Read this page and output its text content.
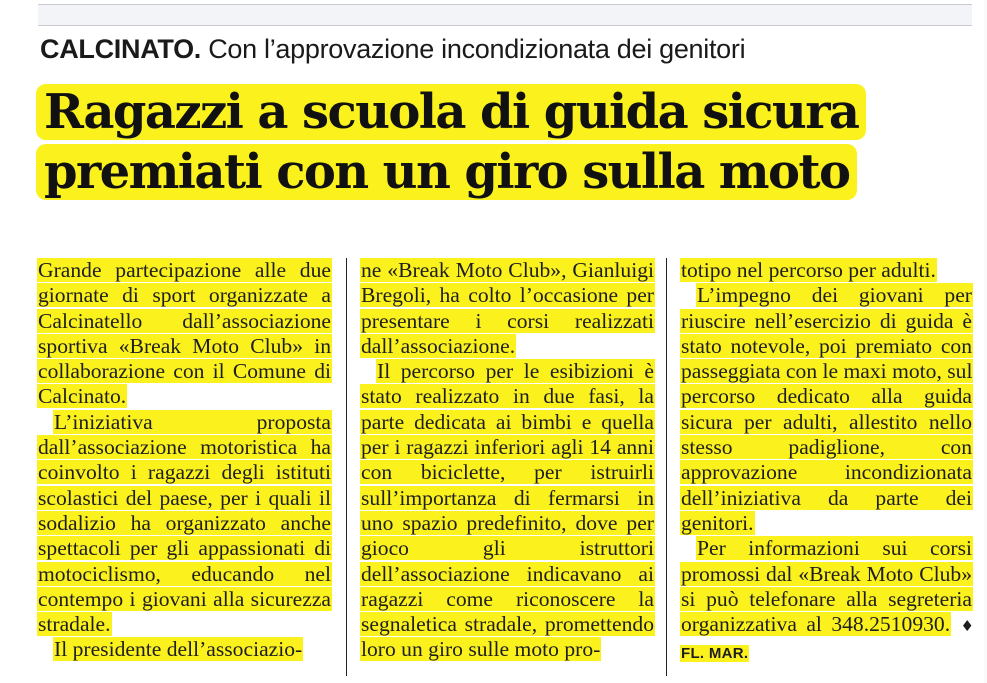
CALCINATO. Con l’approvazione incondizionata dei genitori
Ragazzi a scuola di guida sicura
premiati con un giro sulla moto

Grande partecipazione alle due giornate di sport organizzate a Calcinatello dall’associazione sportiva «Break Moto Club» in collaborazione con il Comune di Calcinato.

L’iniziativa proposta dall’associazione motoristica ha coinvolto i ragazzi degli istituti scolastici del paese, per i quali il sodalizio ha organizzato anche spettacoli per gli appassionati di motociclismo, educando nel contempo i giovani alla sicurezza stradale.

Il presidente dell’associazio-

ne «Break Moto Club», Gianluigi Bregoli, ha colto l’occasione per presentare i corsi realizzati dall’associazione.

Il percorso per le esibizioni è stato realizzato in due fasi, la parte dedicata ai bimbi e quella per i ragazzi inferiori agli 14 anni con biciclette, per istruirli sull’importanza di fermarsi in uno spazio predefinito, dove per gioco gli istruttori dell’associazione indicavano ai ragazzi come riconoscere la segnaletica stradale, promettendo loro un giro sulle moto pro-

totipo nel percorso per adulti.

L’impegno dei giovani per riuscire nell’esercizio di guida è stato notevole, poi premiato con passeggiata con le maxi moto, sul percorso dedicato alla guida sicura per adulti, allestito nello stesso padiglione, con approvazione incondizionata dell’iniziativa da parte dei genitori.

Per informazioni sui corsi promossi dal «Break Moto Club» si può telefonare alla segreteria organizzativa al 348.2510930. ♦ FL. MAR.
